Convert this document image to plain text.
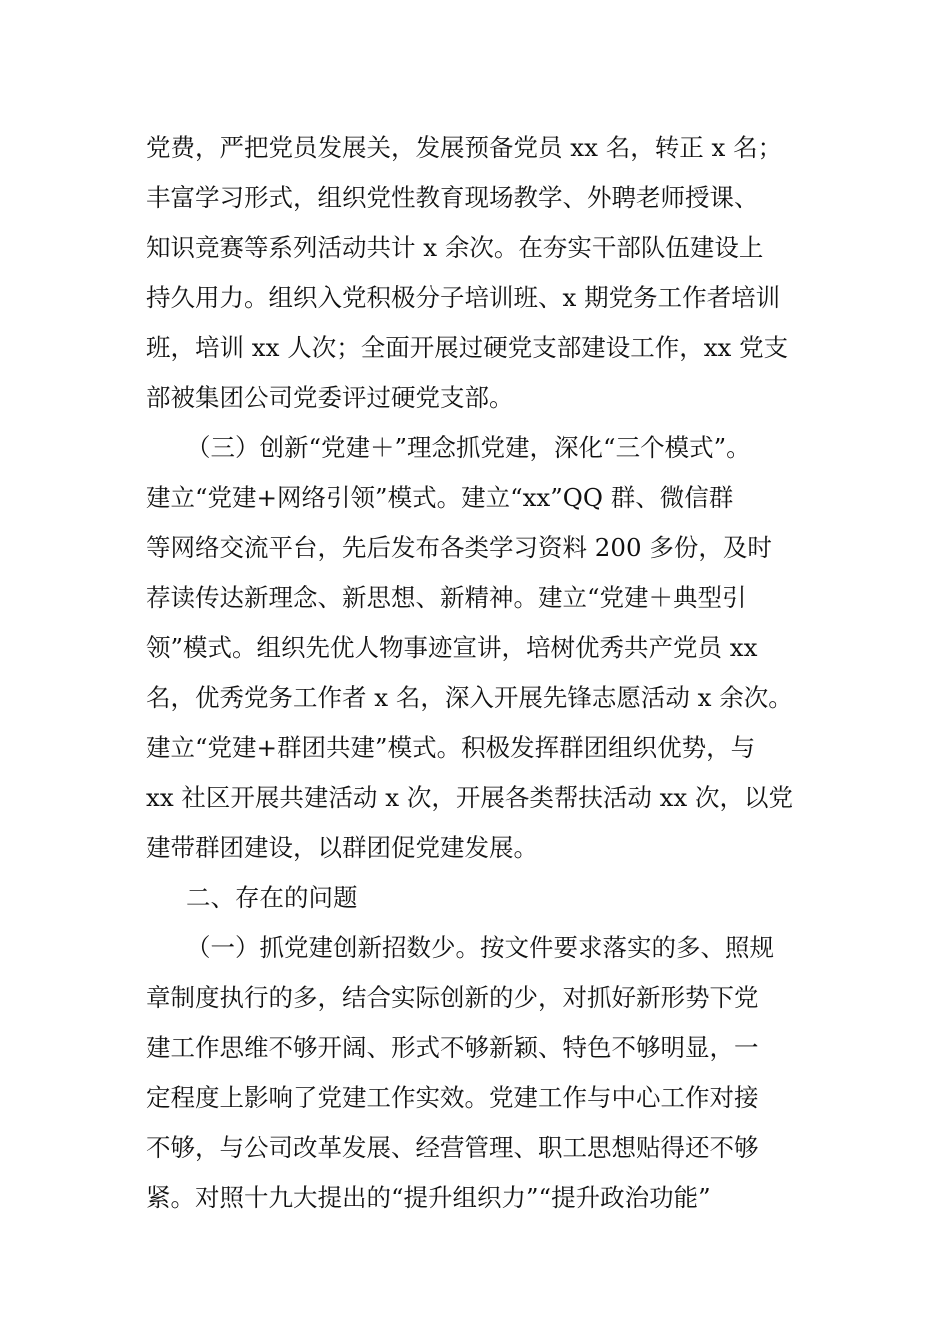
党费，严把党员发展关，发展预备党员 xx 名，转正 x 名；
丰富学习形式，组织党性教育现场教学、外聘老师授课、
知识竞赛等系列活动共计 x 余次。在夯实干部队伍建设上
持久用力。组织入党积极分子培训班、x 期党务工作者培训
班，培训 xx 人次；全面开展过硬党支部建设工作，xx 党支
部被集团公司党委评过硬党支部。
（三）创新“党建＋”理念抓党建，深化“三个模式”。
建立“党建+网络引领”模式。建立“xx”QQ 群、微信群
等网络交流平台，先后发布各类学习资料 200 多份，及时
荐读传达新理念、新思想、新精神。建立“党建＋典型引
领”模式。组织先优人物事迹宣讲，培树优秀共产党员 xx
名，优秀党务工作者 x 名，深入开展先锋志愿活动 x 余次。
建立“党建+群团共建”模式。积极发挥群团组织优势，与
xx 社区开展共建活动 x 次，开展各类帮扶活动 xx 次，以党
建带群团建设，以群团促党建发展。
二、存在的问题
（一）抓党建创新招数少。按文件要求落实的多、照规
章制度执行的多，结合实际创新的少，对抓好新形势下党
建工作思维不够开阔、形式不够新颖、特色不够明显，一
定程度上影响了党建工作实效。党建工作与中心工作对接
不够，与公司改革发展、经营管理、职工思想贴得还不够
紧。对照十九大提出的“提升组织力”“提升政治功能”
